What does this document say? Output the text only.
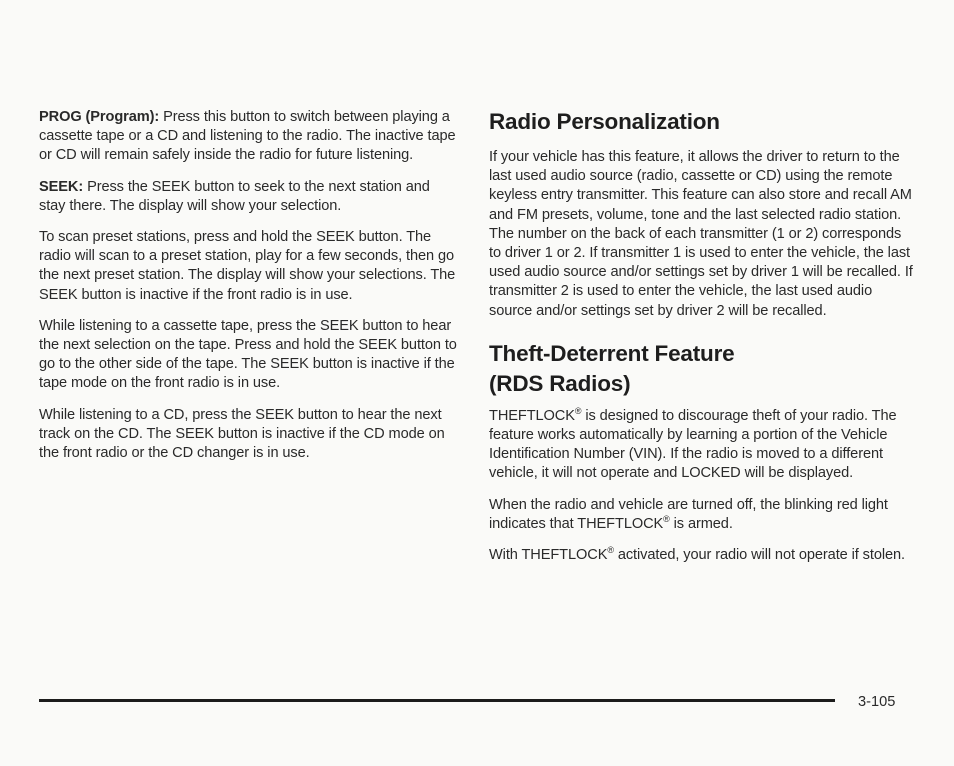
PROG (Program): Press this button to switch between playing a cassette tape or a CD and listening to the radio. The inactive tape or CD will remain safely inside the radio for future listening.

SEEK: Press the SEEK button to seek to the next station and stay there. The display will show your selection.

To scan preset stations, press and hold the SEEK button. The radio will scan to a preset station, play for a few seconds, then go the next preset station. The display will show your selections. The SEEK button is inactive if the front radio is in use.

While listening to a cassette tape, press the SEEK button to hear the next selection on the tape. Press and hold the SEEK button to go to the other side of the tape. The SEEK button is inactive if the tape mode on the front radio is in use.

While listening to a CD, press the SEEK button to hear the next track on the CD. The SEEK button is inactive if the CD mode on the front radio or the CD changer is in use.

Radio Personalization

If your vehicle has this feature, it allows the driver to return to the last used audio source (radio, cassette or CD) using the remote keyless entry transmitter. This feature can also store and recall AM and FM presets, volume, tone and the last selected radio station. The number on the back of each transmitter (1 or 2) corresponds to driver 1 or 2. If transmitter 1 is used to enter the vehicle, the last used audio source and/or settings set by driver 1 will be recalled. If transmitter 2 is used to enter the vehicle, the last used audio source and/or settings set by driver 2 will be recalled.

Theft-Deterrent Feature
(RDS Radios)

THEFTLOCK® is designed to discourage theft of your radio. The feature works automatically by learning a portion of the Vehicle Identification Number (VIN). If the radio is moved to a different vehicle, it will not operate and LOCKED will be displayed.

When the radio and vehicle are turned off, the blinking red light indicates that THEFTLOCK® is armed.

With THEFTLOCK® activated, your radio will not operate if stolen.

3-105
